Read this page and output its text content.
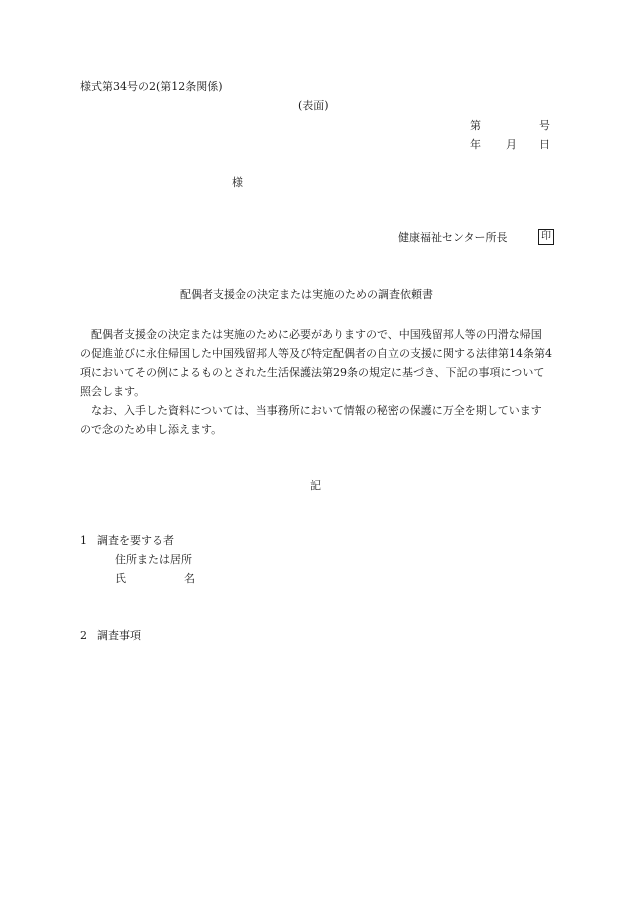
様式第34号の2(第12条関係)
(表面)
第	号
年 月 日
様
健康福祉センター所長	印
配偶者支援金の決定または実施のための調査依頼書

配偶者支援金の決定または実施のために必要がありますので、中国残留邦人等の円滑な帰国の促進並びに永住帰国した中国残留邦人等及び特定配偶者の自立の支援に関する法律第14条第4項においてその例によるものとされた生活保護法第29条の規定に基づき、下記の事項について照会します。

なお、入手した資料については、当事務所において情報の秘密の保護に万全を期していますので念のため申し添えます。

記
1 調査を要する者
住所または居所
氏	名
2 調査事項
